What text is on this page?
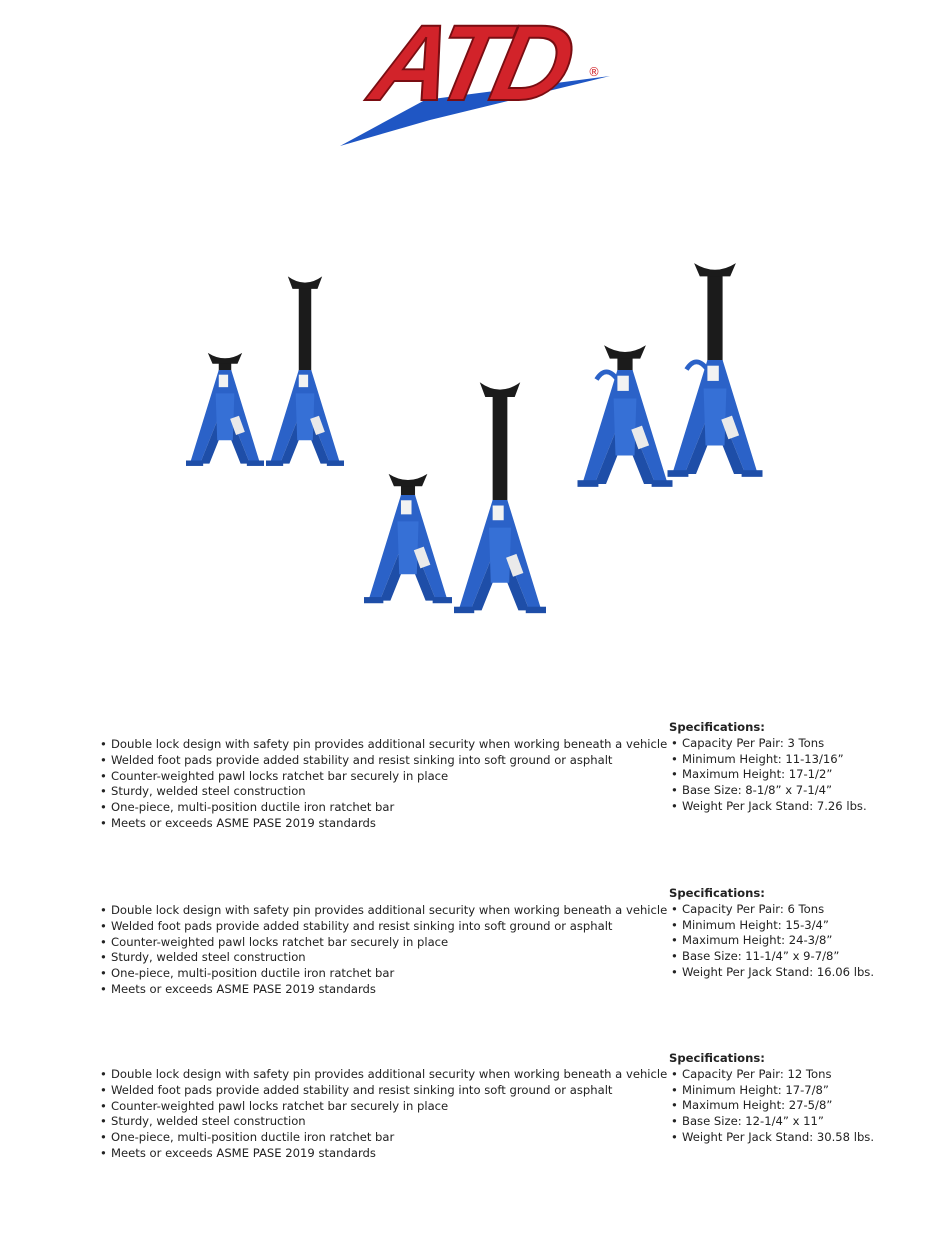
ATD ®
• Double lock design with safety pin provides additional security when working beneath a vehicle
• Welded foot pads provide added stability and resist sinking into soft ground or asphalt
• Counter-weighted pawl locks ratchet bar securely in place
• Sturdy, welded steel construction
• One-piece, multi-position ductile iron ratchet bar
• Meets or exceeds ASME PASE 2019 standards
Specifications:
• Capacity Per Pair: 3 Tons
• Minimum Height: 11-13/16”
• Maximum Height: 17-1/2”
• Base Size: 8-1/8” x 7-1/4”
• Weight Per Jack Stand: 7.26 lbs.
• Double lock design with safety pin provides additional security when working beneath a vehicle
• Welded foot pads provide added stability and resist sinking into soft ground or asphalt
• Counter-weighted pawl locks ratchet bar securely in place
• Sturdy, welded steel construction
• One-piece, multi-position ductile iron ratchet bar
• Meets or exceeds ASME PASE 2019 standards
Specifications:
• Capacity Per Pair: 6 Tons
• Minimum Height: 15-3/4”
• Maximum Height: 24-3/8”
• Base Size: 11-1/4” x 9-7/8”
• Weight Per Jack Stand: 16.06 lbs.
• Double lock design with safety pin provides additional security when working beneath a vehicle
• Welded foot pads provide added stability and resist sinking into soft ground or asphalt
• Counter-weighted pawl locks ratchet bar securely in place
• Sturdy, welded steel construction
• One-piece, multi-position ductile iron ratchet bar
• Meets or exceeds ASME PASE 2019 standards
Specifications:
• Capacity Per Pair: 12 Tons
• Minimum Height: 17-7/8”
• Maximum Height: 27-5/8”
• Base Size: 12-1/4” x 11”
• Weight Per Jack Stand: 30.58 lbs.
